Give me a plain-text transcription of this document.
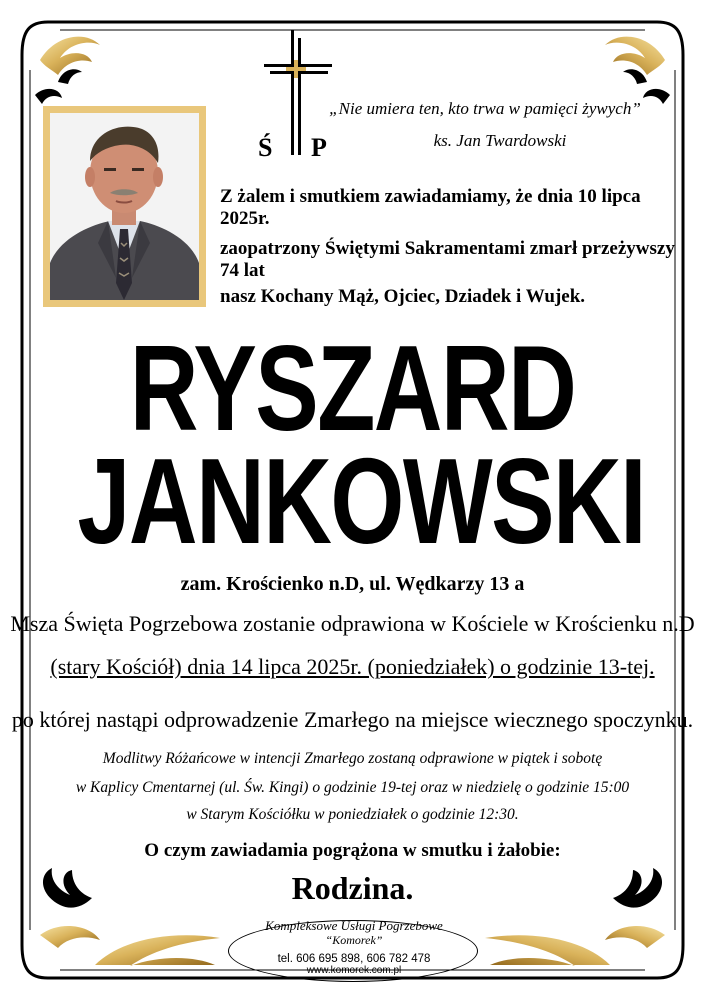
Ś P
„Nie umiera ten, kto trwa w pamięci żywych”
ks. Jan Twardowski
Z żalem i smutkiem zawiadamiamy, że dnia 10 lipca 2025r.
zaopatrzony Świętymi Sakramentami zmarł przeżywszy 74 lat
nasz Kochany Mąż, Ojciec, Dziadek i Wujek.
RYSZARD
JANKOWSKI
zam. Krościenko n.D, ul. Wędkarzy 13 a
Msza Święta Pogrzebowa zostanie odprawiona w Kościele w Krościenku n.D
(stary Kościół) dnia 14 lipca 2025r. (poniedziałek) o godzinie 13-tej.
po której nastąpi odprowadzenie Zmarłego na miejsce wiecznego spoczynku.
Modlitwy Różańcowe w intencji Zmarłego zostaną odprawione w piątek i sobotę
w Kaplicy Cmentarnej (ul. Św. Kingi) o godzinie 19-tej oraz w niedzielę o godzinie 15:00
w Starym Kościółku w poniedziałek o godzinie 12:30.
O czym zawiadamia pogrążona w smutku i żałobie:
Rodzina.
Kompleksowe Usługi Pogrzebowe
“Komorek”
tel. 606 695 898, 606 782 478
www.komorek.com.pl
